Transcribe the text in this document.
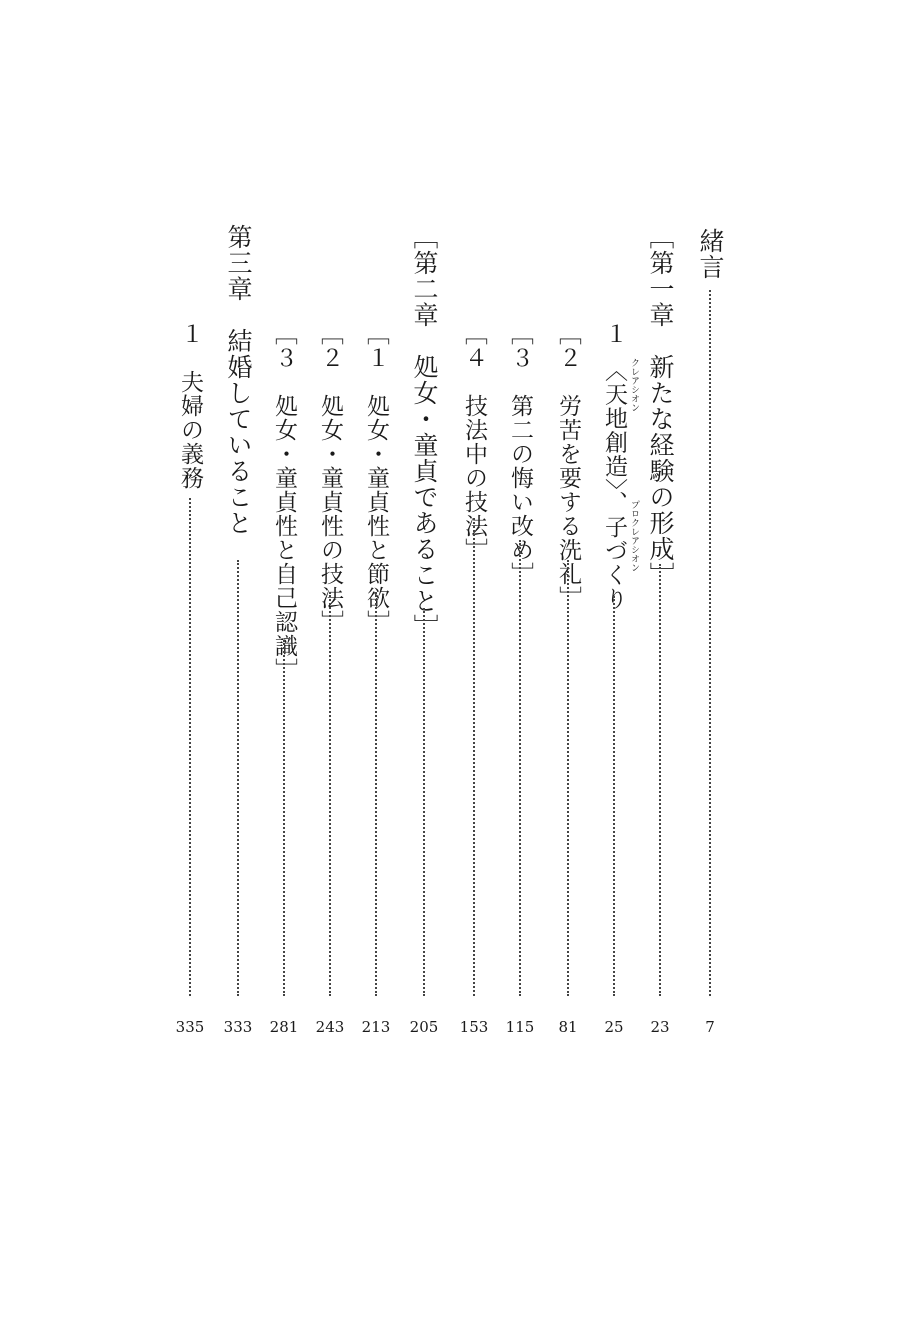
緒言
7
［第一章　新たな経験の形成］
23
１　〈天地創造〉、子づくり クレアシオン
プロクレアシオン
25
［２　労苦を要する洗礼］
81
［３　第二の悔い改め］
115
［４　技法中の技法］
153
［第二章　処女・童貞であること］
205
［１　処女・童貞性と節欲］
213
［２　処女・童貞性の技法］
243
［３　処女・童貞性と自己認識］
281
第三章　結婚していること
333
１　夫婦の義務
335
